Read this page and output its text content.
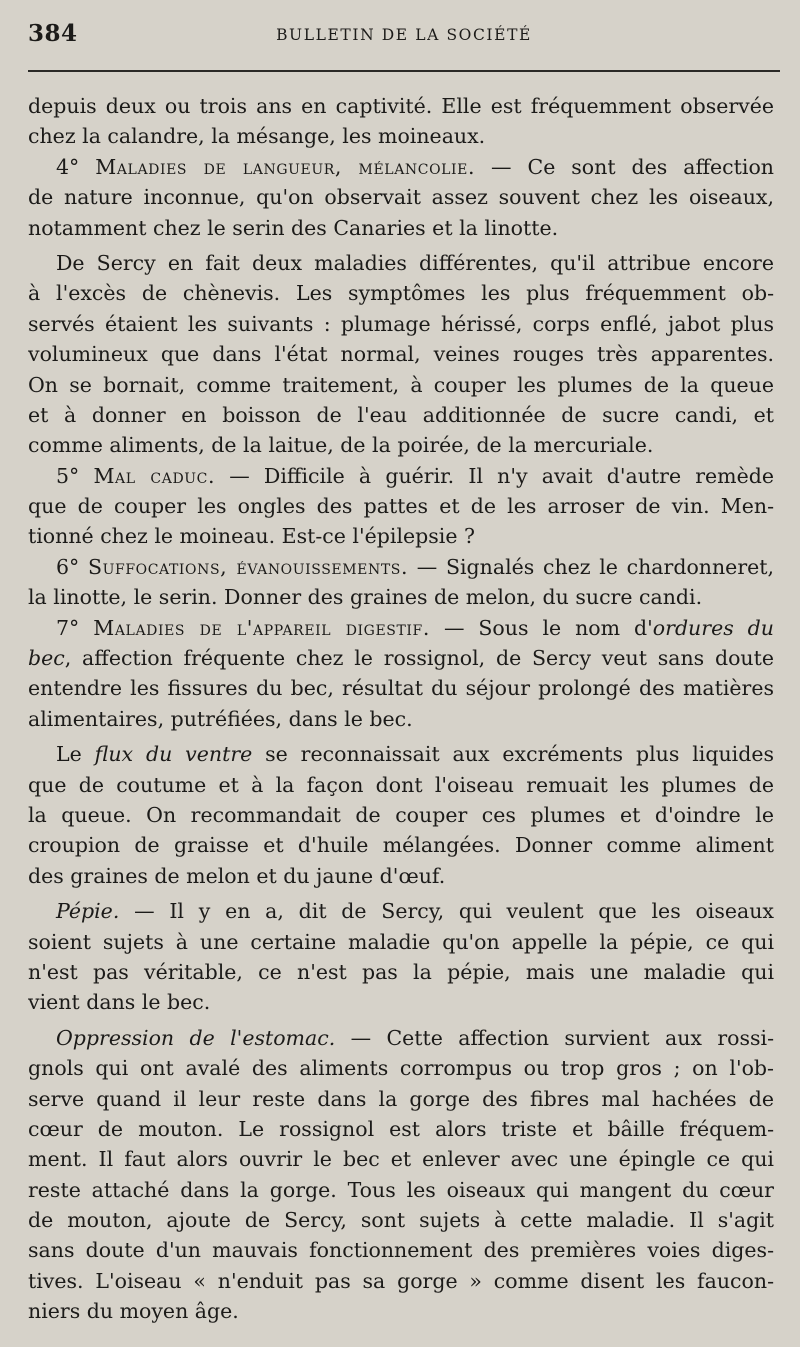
384	BULLETIN DE LA SOCIÉTÉ
depuis deux ou trois ans en captivité. Elle est fréquemment observée
chez la calandre, la mésange, les moineaux.
4° Maladies de langueur, mélancolie. — Ce sont des affection
de nature inconnue, qu'on observait assez souvent chez les oiseaux,
notamment chez le serin des Canaries et la linotte.
De Sercy en fait deux maladies différentes, qu'il attribue encore
à l'excès de chènevis. Les symptômes les plus fréquemment ob-
servés étaient les suivants : plumage hérissé, corps enflé, jabot plus
volumineux que dans l'état normal, veines rouges très apparentes.
On se bornait, comme traitement, à couper les plumes de la queue
et à donner en boisson de l'eau additionnée de sucre candi, et
comme aliments, de la laitue, de la poirée, de la mercuriale.
5° Mal caduc. — Difficile à guérir. Il n'y avait d'autre remède
que de couper les ongles des pattes et de les arroser de vin. Men-
tionné chez le moineau. Est-ce l'épilepsie ?
6° Suffocations, évanouissements. — Signalés chez le chardonneret,
la linotte, le serin. Donner des graines de melon, du sucre candi.
7° Maladies de l'appareil digestif. — Sous le nom d'ordures du
bec, affection fréquente chez le rossignol, de Sercy veut sans doute
entendre les fissures du bec, résultat du séjour prolongé des matières
alimentaires, putréfiées, dans le bec.
Le flux du ventre se reconnaissait aux excréments plus liquides
que de coutume et à la façon dont l'oiseau remuait les plumes de
la queue. On recommandait de couper ces plumes et d'oindre le
croupion de graisse et d'huile mélangées. Donner comme aliment
des graines de melon et du jaune d'œuf.
Pépie. — Il y en a, dit de Sercy, qui veulent que les oiseaux
soient sujets à une certaine maladie qu'on appelle la pépie, ce qui
n'est pas véritable, ce n'est pas la pépie, mais une maladie qui
vient dans le bec.
Oppression de l'estomac. — Cette affection survient aux rossi-
gnols qui ont avalé des aliments corrompus ou trop gros ; on l'ob-
serve quand il leur reste dans la gorge des fibres mal hachées de
cœur de mouton. Le rossignol est alors triste et bâille fréquem-
ment. Il faut alors ouvrir le bec et enlever avec une épingle ce qui
reste attaché dans la gorge. Tous les oiseaux qui mangent du cœur
de mouton, ajoute de Sercy, sont sujets à cette maladie. Il s'agit
sans doute d'un mauvais fonctionnement des premières voies diges-
tives. L'oiseau « n'enduit pas sa gorge » comme disent les faucon-
niers du moyen âge.
